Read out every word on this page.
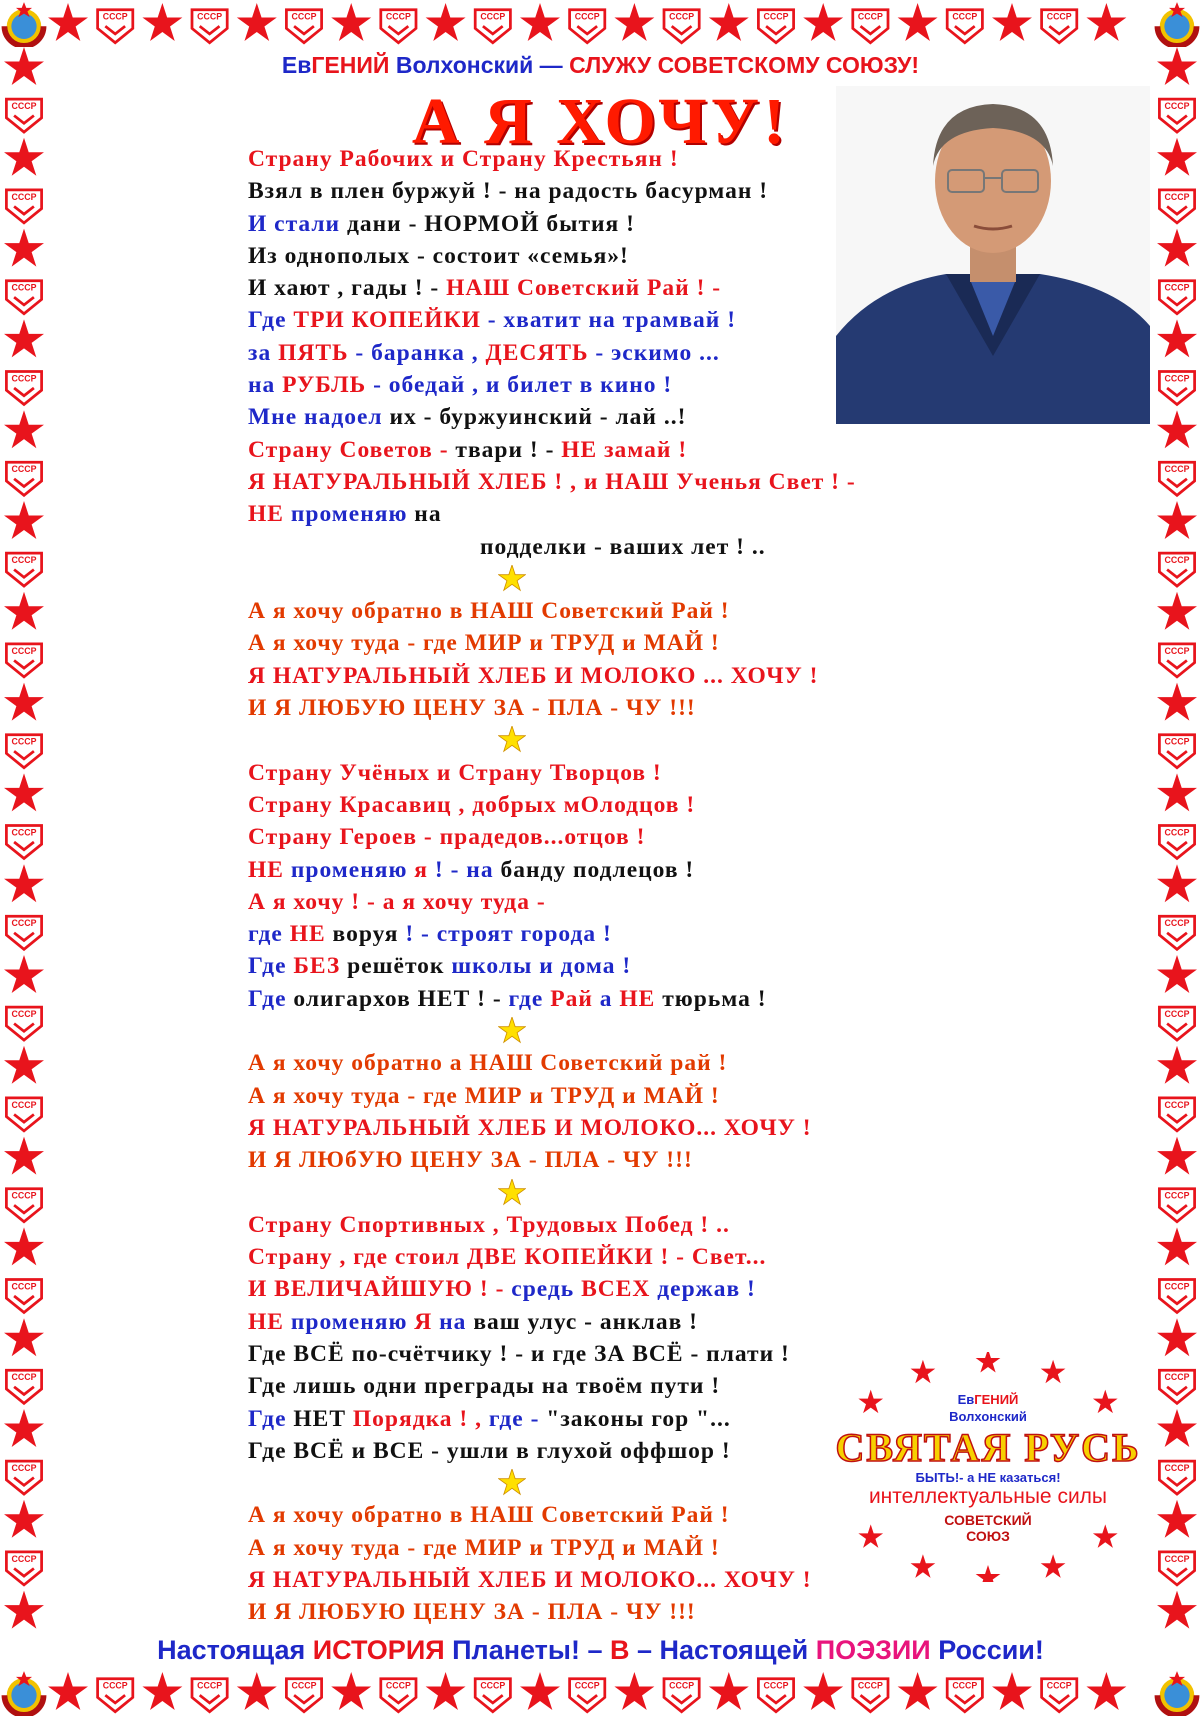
ЕвГЕНИЙ Волхонский — СЛУЖУ СОВЕТСКОМУ СОЮЗУ!
А Я ХОЧУ!
Страну Рабочих и Страну Крестьян !
Взял в плен буржуй ! - на радость басурман !
И стали дани - НОРМОЙ бытия !
Из однополых - состоит «семья»!
И хают , гады ! - НАШ Советский Рай ! -
Где ТРИ КОПЕЙКИ - хватит на трамвай !
за ПЯТЬ - баранка , ДЕСЯТЬ - эскимо ...
на РУБЛЬ - обедай , и билет в кино !
Мне надоел их - буржуинский - лай ..!
Страну Советов - твари ! - НЕ замай !
Я НАТУРАЛЬНЫЙ ХЛЕБ ! , и НАШ Ученья Свет ! -
НЕ променяю на
подделки - ваших лет ! ..
А я хочу обратно в НАШ Советский Рай !
А я хочу туда - где МИР и ТРУД и МАЙ !
Я НАТУРАЛЬНЫЙ ХЛЕБ И МОЛОКО ... ХОЧУ !
И Я ЛЮБУЮ ЦЕНУ ЗА - ПЛА - ЧУ !!!
Страну Учёных и Страну Творцов !
Страну Красавиц , добрых мОлодцов !
Страну Героев - прадедов...отцов !
НЕ променяю я ! - на банду подлецов !
А я хочу ! - а я хочу туда -
где НЕ воруя ! - строят города !
Где БЕЗ решёток школы и дома !
Где олигархов НЕТ ! - где Рай а НЕ тюрьма !
А я хочу обратно а НАШ Советский рай !
А я хочу туда - где МИР и ТРУД и МАЙ !
Я НАТУРАЛЬНЫЙ ХЛЕБ И МОЛОКО... ХОЧУ !
И Я ЛЮбУЮ ЦЕНУ ЗА - ПЛА - ЧУ !!!
Страну Спортивных , Трудовых Побед ! ..
Страну , где стоил ДВЕ КОПЕЙКИ ! - Свет...
И ВЕЛИЧАЙШУЮ ! - средь ВСЕХ держав !
НЕ променяю Я на ваш улус - анклав !
Где ВСЁ по-счётчику ! - и где ЗА ВСЁ - плати !
Где лишь одни преграды на твоём пути !
Где НЕТ Порядка ! , где - "законы гор "...
Где ВСЁ и ВСЕ - ушли в глухой оффшор !
А я хочу обратно в НАШ Советский Рай !
А я хочу туда - где МИР и ТРУД и МАЙ !
Я НАТУРАЛЬНЫЙ ХЛЕБ И МОЛОКО... ХОЧУ !
И Я ЛЮБУЮ ЦЕНУ ЗА - ПЛА - ЧУ !!!
ЕвГЕНИЙ
Волхонский
СВЯТАЯ РУСЬ
БЫТЬ!- а НЕ казаться!
интеллектуальные силы
СОВЕТСКИЙ
СОЮЗ
Настоящая ИСТОРИЯ Планеты! – В – Настоящей ПОЭЗИИ России!
